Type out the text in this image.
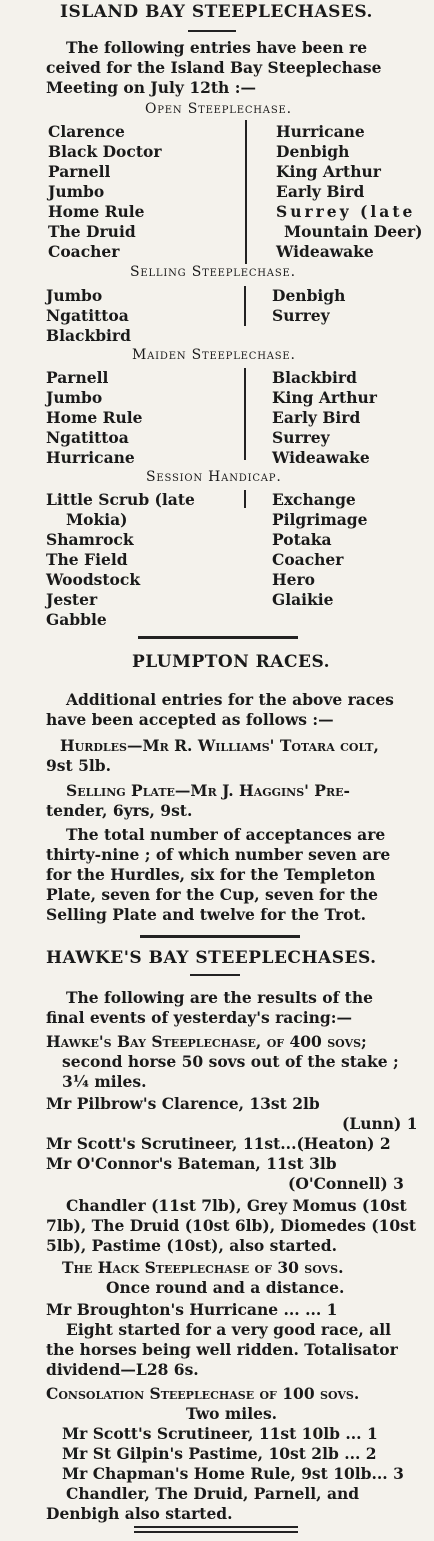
ISLAND BAY STEEPLECHASES.
The following entries have been re
ceived for the Island Bay Steeplechase
Meeting on July 12th :—
Open Steeplechase.
Clarence
Black Doctor
Parnell
Jumbo
Home Rule
The Druid
Coacher
Hurricane
Denbigh
King Arthur
Early Bird
Surrey (late
Mountain Deer)
Wideawake
Selling Steeplechase.
Jumbo
Ngatittoa
Blackbird
Denbigh
Surrey
Maiden Steeplechase.
Parnell
Jumbo
Home Rule
Ngatittoa
Hurricane
Blackbird
King Arthur
Early Bird
Surrey
Wideawake
Session Handicap.
Little Scrub (late
Mokia)
Shamrock
The Field
Woodstock
Jester
Gabble
Exchange
Pilgrimage
Potaka
Coacher
Hero
Glaikie
PLUMPTON RACES.
Additional entries for the above races
have been accepted as follows :—
Hurdles—Mr R. Williams' Totara colt,
9st 5lb.
Selling Plate—Mr J. Haggins' Pre-
tender, 6yrs, 9st.
The total number of acceptances are
thirty-nine ; of which number seven are
for the Hurdles, six for the Templeton
Plate, seven for the Cup, seven for the
Selling Plate and twelve for the Trot.
HAWKE'S BAY STEEPLECHASES.
The following are the results of the
final events of yesterday's racing:—
Hawke's Bay Steeplechase, of 400 sovs;
second horse 50 sovs out of the stake ;
3¼ miles.
Mr Pilbrow's Clarence, 13st 2lb
(Lunn) 1
Mr Scott's Scrutineer, 11st...(Heaton) 2
Mr O'Connor's Bateman, 11st 3lb
(O'Connell) 3
Chandler (11st 7lb), Grey Momus (10st
7lb), The Druid (10st 6lb), Diomedes (10st
5lb), Pastime (10st), also started.
The Hack Steeplechase of 30 sovs.
Once round and a distance.
Mr Broughton's Hurricane ... ... 1
Eight started for a very good race, all
the horses being well ridden. Totalisator
dividend—L28 6s.
Consolation Steeplechase of 100 sovs.
Two miles.
Mr Scott's Scrutineer, 11st 10lb ... 1
Mr St Gilpin's Pastime, 10st 2lb ... 2
Mr Chapman's Home Rule, 9st 10lb... 3
Chandler, The Druid, Parnell, and
Denbigh also started.
